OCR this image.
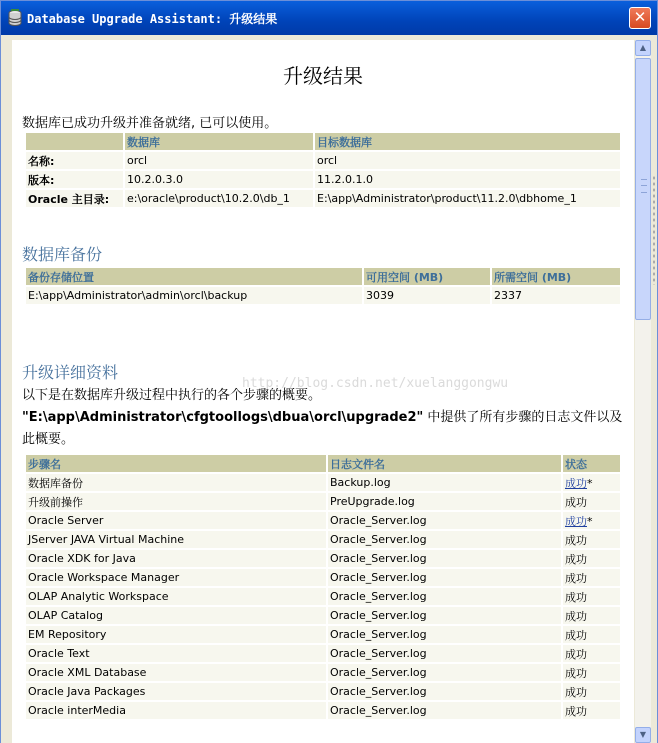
Database Upgrade Assistant: 升级结果	✕
升级结果
数据库已成功升级并准备就绪, 已可以使用。
	数据库	目标数据库
名称:	orcl	orcl
版本:	10.2.0.3.0	11.2.0.1.0
Oracle 主目录:	e:\oracle\product\10.2.0\db_1	E:\app\Administrator\product\11.2.0\dbhome_1
数据库备份
备份存储位置	可用空间 (MB)	所需空间 (MB)
E:\app\Administrator\admin\orcl\backup	3039	2337
升级详细资料
以下是在数据库升级过程中执行的各个步骤的概要。 "E:\app\Administrator\cfgtoollogs\dbua\orcl\upgrade2" 中提供了所有步骤的日志文件以及此概要。
步骤名	日志文件名	状态
数据库备份	Backup.log	成功*
升级前操作	PreUpgrade.log	成功
Oracle Server	Oracle_Server.log	成功*
JServer JAVA Virtual Machine	Oracle_Server.log	成功
Oracle XDK for Java	Oracle_Server.log	成功
Oracle Workspace Manager	Oracle_Server.log	成功
OLAP Analytic Workspace	Oracle_Server.log	成功
OLAP Catalog	Oracle_Server.log	成功
EM Repository	Oracle_Server.log	成功
Oracle Text	Oracle_Server.log	成功
Oracle XML Database	Oracle_Server.log	成功
Oracle Java Packages	Oracle_Server.log	成功
Oracle interMedia	Oracle_Server.log	成功
http://blog.csdn.net/xuelanggongwu
▲
▼
